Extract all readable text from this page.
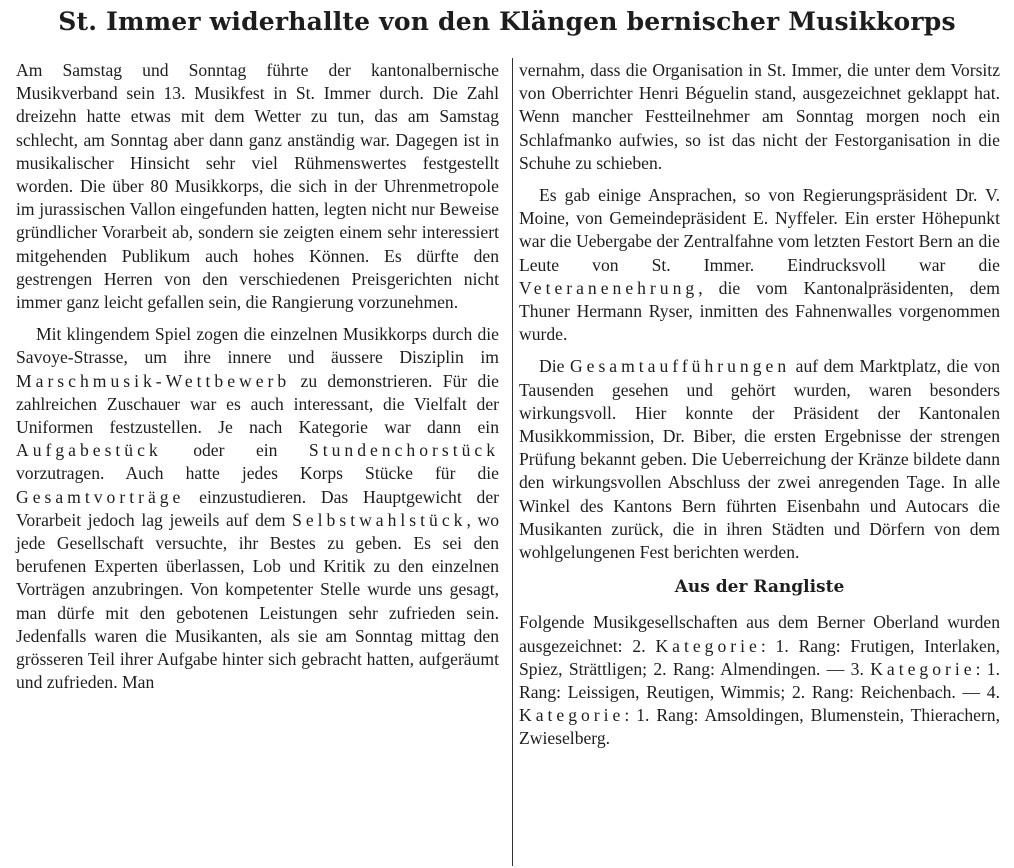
St. Immer widerhallte von den Klängen bernischer Musikkorps

Am Samstag und Sonntag führte der kantonalbernische Musikverband sein 13. Musikfest in St. Immer durch. Die Zahl dreizehn hatte etwas mit dem Wetter zu tun, das am Samstag schlecht, am Sonntag aber dann ganz anständig war. Dagegen ist in musikalischer Hinsicht sehr viel Rühmenswertes festgestellt worden. Die über 80 Musikkorps, die sich in der Uhrenmetropole im jurassischen Vallon eingefunden hatten, legten nicht nur Beweise gründlicher Vorarbeit ab, sondern sie zeigten einem sehr interessiert mitgehenden Publikum auch hohes Können. Es dürfte den gestrengen Herren von den verschiedenen Preisgerichten nicht immer ganz leicht gefallen sein, die Rangierung vorzunehmen.

Mit klingendem Spiel zogen die einzelnen Musikkorps durch die Savoye-Strasse, um ihre innere und äussere Disziplin im Marschmusik-Wettbewerb zu demonstrieren. Für die zahlreichen Zuschauer war es auch interessant, die Vielfalt der Uniformen festzustellen. Je nach Kategorie war dann ein Aufgabestück oder ein Stundenchorstück vorzutragen. Auch hatte jedes Korps Stücke für die Gesamtvorträge einzustudieren. Das Hauptgewicht der Vorarbeit jedoch lag jeweils auf dem Selbstwahlstück, wo jede Gesellschaft versuchte, ihr Bestes zu geben. Es sei den berufenen Experten überlassen, Lob und Kritik zu den einzelnen Vorträgen anzubringen. Von kompetenter Stelle wurde uns gesagt, man dürfe mit den gebotenen Leistungen sehr zufrieden sein. Jedenfalls waren die Musikanten, als sie am Sonntag mittag den grösseren Teil ihrer Aufgabe hinter sich gebracht hatten, aufgeräumt und zufrieden. Man

vernahm, dass die Organisation in St. Immer, die unter dem Vorsitz von Oberrichter Henri Béguelin stand, ausgezeichnet geklappt hat. Wenn mancher Festteilnehmer am Sonntag morgen noch ein Schlafmanko aufwies, so ist das nicht der Festorganisation in die Schuhe zu schieben.

Es gab einige Ansprachen, so von Regierungspräsident Dr. V. Moine, von Gemeindepräsident E. Nyffeler. Ein erster Höhepunkt war die Uebergabe der Zentralfahne vom letzten Festort Bern an die Leute von St. Immer. Eindrucksvoll war die Veteranenehrung, die vom Kantonalpräsidenten, dem Thuner Hermann Ryser, inmitten des Fahnenwalles vorgenommen wurde.

Die Gesamtaufführungen auf dem Marktplatz, die von Tausenden gesehen und gehört wurden, waren besonders wirkungsvoll. Hier konnte der Präsident der Kantonalen Musikkommission, Dr. Biber, die ersten Ergebnisse der strengen Prüfung bekannt geben. Die Ueberreichung der Kränze bildete dann den wirkungsvollen Abschluss der zwei anregenden Tage. In alle Winkel des Kantons Bern führten Eisenbahn und Autocars die Musikanten zurück, die in ihren Städten und Dörfern von dem wohlgelungenen Fest berichten werden.

Aus der Rangliste

Folgende Musikgesellschaften aus dem Berner Oberland wurden ausgezeichnet: 2. Kategorie: 1. Rang: Frutigen, Interlaken, Spiez, Strättligen; 2. Rang: Almendingen. — 3. Kategorie: 1. Rang: Leissigen, Reutigen, Wimmis; 2. Rang: Reichenbach. — 4. Kategorie: 1. Rang: Amsoldingen, Blumenstein, Thierachern, Zwieselberg.
